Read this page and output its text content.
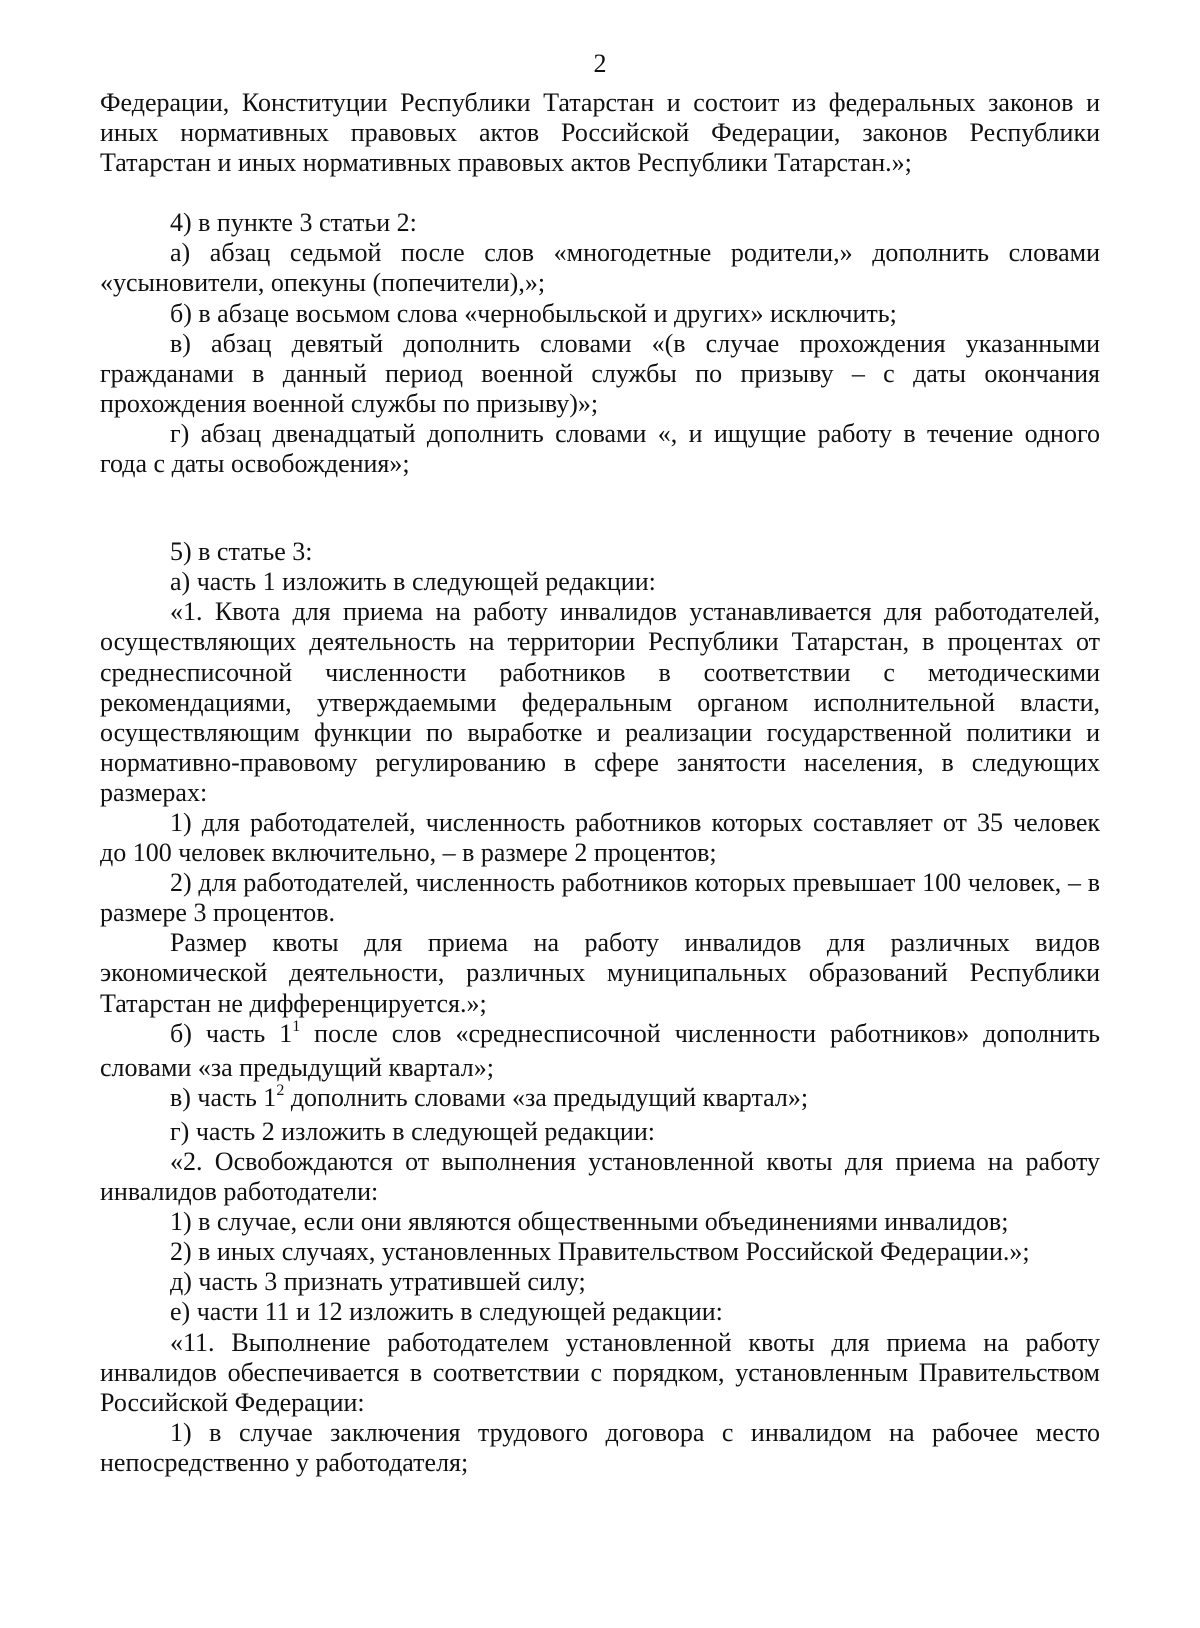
2

Федерации, Конституции Республики Татарстан и состоит из федеральных законов и иных нормативных правовых актов Российской Федерации, законов Республики Татарстан и иных нормативных правовых актов Республики Татарстан.»;

4) в пункте 3 статьи 2:

а) абзац седьмой после слов «многодетные родители,» дополнить словами «усыновители, опекуны (попечители),»;

б) в абзаце восьмом слова «чернобыльской и других» исключить;

в) абзац девятый дополнить словами «(в случае прохождения указанными гражданами в данный период военной службы по призыву – с даты окончания прохождения военной службы по призыву)»;

г) абзац двенадцатый дополнить словами «, и ищущие работу в течение одного года с даты освобождения»;

5) в статье 3:

а) часть 1 изложить в следующей редакции:

«1. Квота для приема на работу инвалидов устанавливается для работодателей, осуществляющих деятельность на территории Республики Татарстан, в процентах от среднесписочной численности работников в соответствии с методическими рекомендациями, утверждаемыми федеральным органом исполнительной власти, осуществляющим функции по выработке и реализации государственной политики и нормативно-правовому регулированию в сфере занятости населения, в следующих размерах:

1) для работодателей, численность работников которых составляет от 35 человек до 100 человек включительно, – в размере 2 процентов;

2) для работодателей, численность работников которых превышает 100 человек, – в размере 3 процентов.

Размер квоты для приема на работу инвалидов для различных видов экономической деятельности, различных муниципальных образований Республики Татарстан не дифференцируется.»;

б) часть $1^1$ после слов «среднесписочной численности работников» дополнить словами «за предыдущий квартал»;

в) часть $1^2$ дополнить словами «за предыдущий квартал»;

г) часть 2 изложить в следующей редакции:

«2. Освобождаются от выполнения установленной квоты для приема на работу инвалидов работодатели:

1) в случае, если они являются общественными объединениями инвалидов;

2) в иных случаях, установленных Правительством Российской Федерации.»;

д) часть 3 признать утратившей силу;

е) части 11 и 12 изложить в следующей редакции:

«11. Выполнение работодателем установленной квоты для приема на работу инвалидов обеспечивается в соответствии с порядком, установленным Правительством Российской Федерации:

1) в случае заключения трудового договора с инвалидом на рабочее место непосредственно у работодателя;
